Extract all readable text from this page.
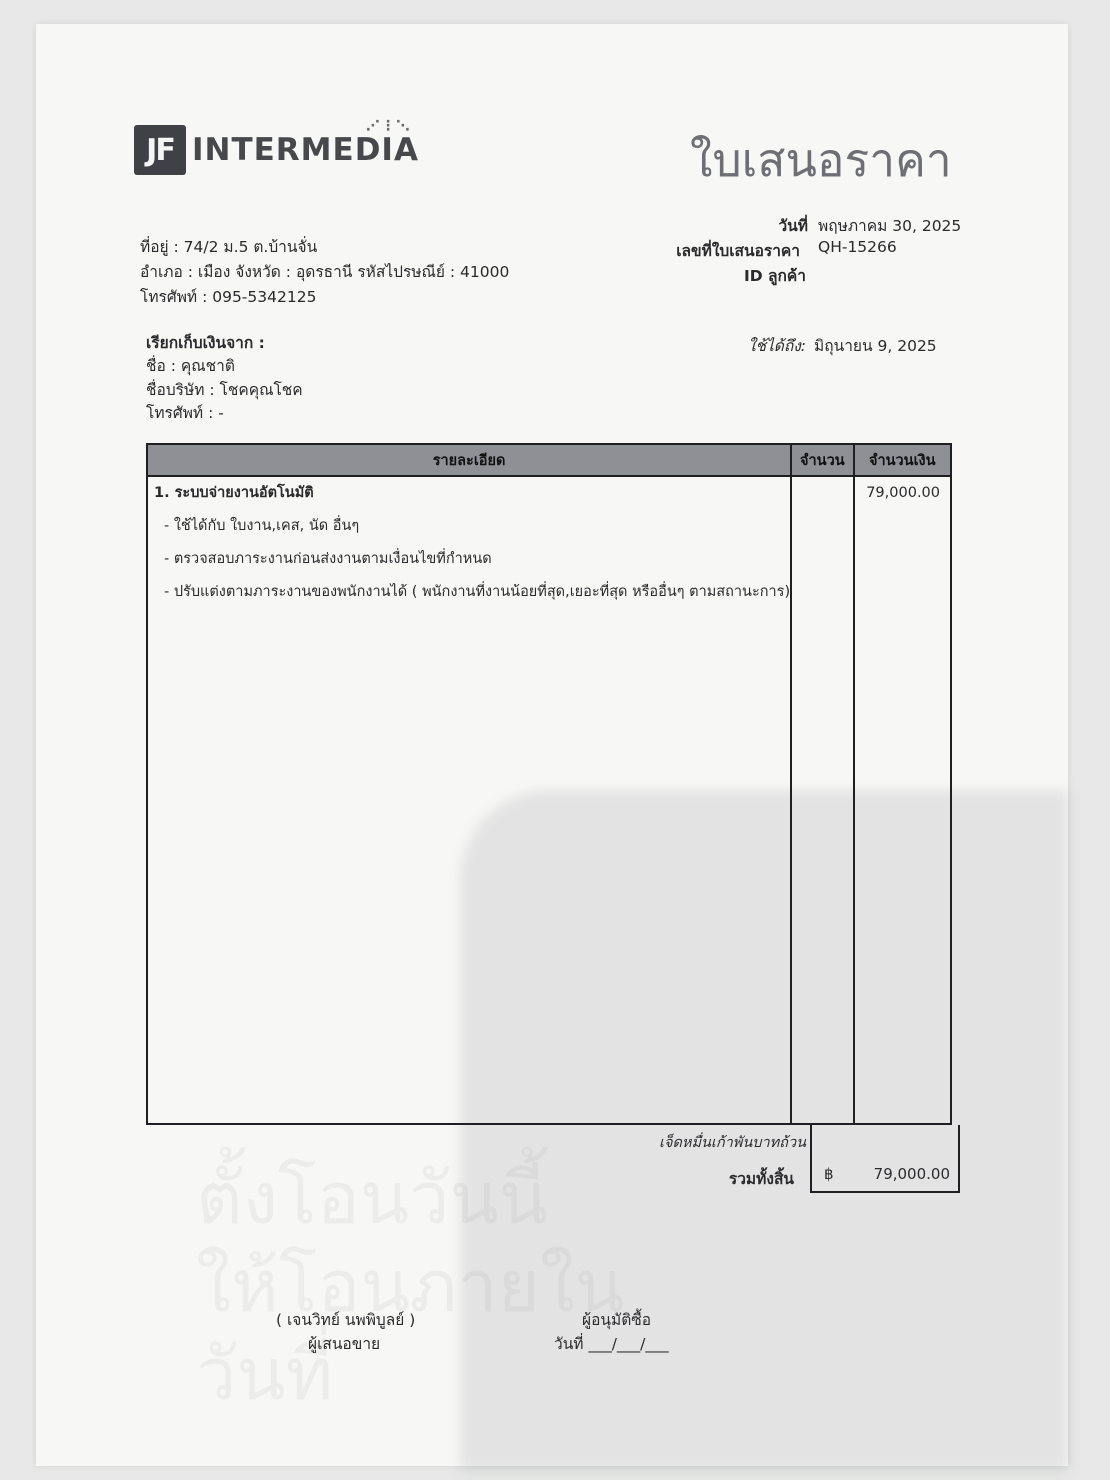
JF INTERMEDIA
⋰⋮⋱
ใบเสนอราคา
ที่อยู่ : 74/2 ม.5 ต.บ้านจั่น
อำเภอ : เมือง จังหวัด : อุดรธานี รหัสไปรษณีย์ : 41000
โทรศัพท์ : 095-5342125
วันที่ พฤษภาคม 30, 2025
เลขที่ใบเสนอราคา QH-15266
ID ลูกค้า
เรียกเก็บเงินจาก :
ชื่อ : คุณชาติ
ชื่อบริษัท : โชคคุณโชค
โทรศัพท์ : -
ใช้ได้ถึง: มิถุนายน 9, 2025
รายละเอียด	จำนวน	จำนวนเงิน

1. ระบบจ่ายงานอัตโนมัติ
- ใช้ได้กับ ใบงาน,เคส, นัด อื่นๆ
- ตรวจสอบภาระงานก่อนส่งงานตามเงื่อนไขที่กำหนด
- ปรับแต่งตามภาระงานของพนักงานได้ ( พนักงานที่งานน้อยที่สุด,เยอะที่สุด หรืออื่นๆ ตามสถานะการ)		79,000.00
เจ็ดหมื่นเก้าพันบาทถ้วน
฿	79,000.00
รวมทั้งสิ้น
( เจนวิทย์ นพพิบูลย์ )
ผู้เสนอขาย
ผู้อนุมัติซื้อ
วันที่ ___/___/___
